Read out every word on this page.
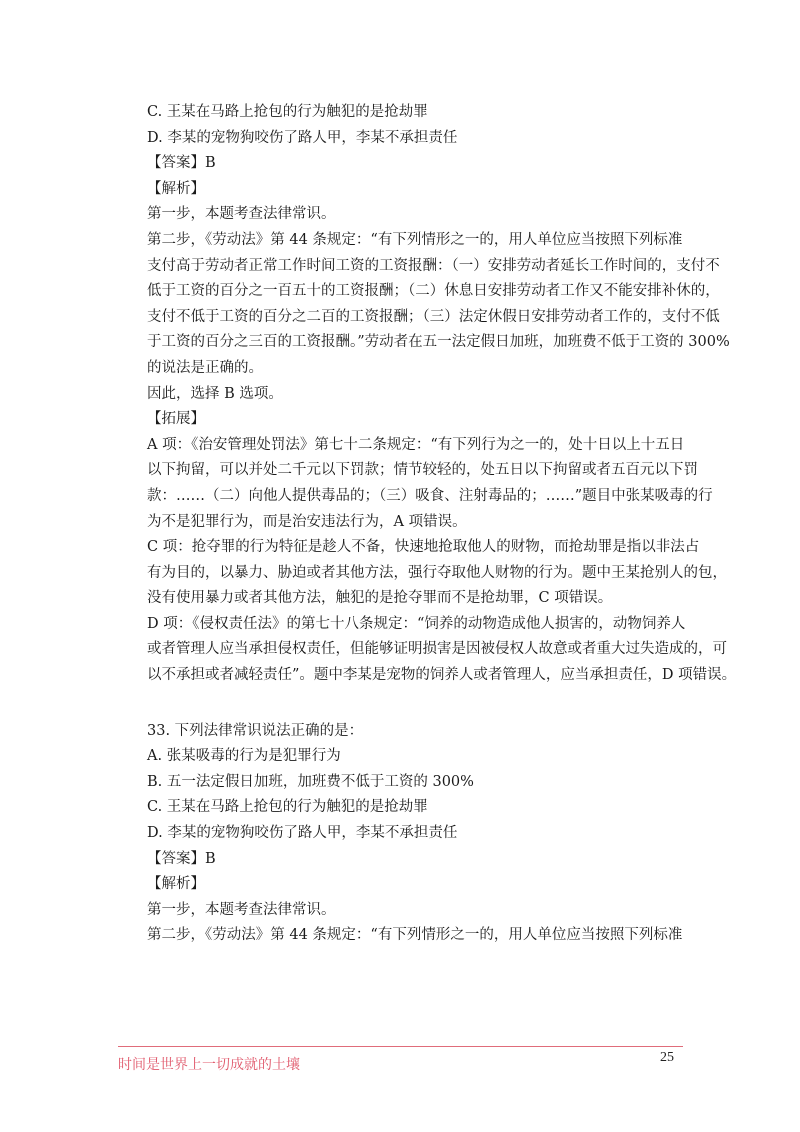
C. 王某在马路上抢包的行为触犯的是抢劫罪
D. 李某的宠物狗咬伤了路人甲，李某不承担责任
【答案】B
【解析】
第一步，本题考查法律常识。
第二步，《劳动法》第 44 条规定：“有下列情形之一的，用人单位应当按照下列标准
支付高于劳动者正常工作时间工资的工资报酬：（一）安排劳动者延长工作时间的，支付不
低于工资的百分之一百五十的工资报酬；（二）休息日安排劳动者工作又不能安排补休的，
支付不低于工资的百分之二百的工资报酬；（三）法定休假日安排劳动者工作的，支付不低
于工资的百分之三百的工资报酬。”劳动者在五一法定假日加班，加班费不低于工资的 300%
的说法是正确的。
因此，选择 B 选项。
【拓展】
A 项：《治安管理处罚法》第七十二条规定：“有下列行为之一的，处十日以上十五日
以下拘留，可以并处二千元以下罚款；情节较轻的，处五日以下拘留或者五百元以下罚
款：……（二）向他人提供毒品的；（三）吸食、注射毒品的；……”题目中张某吸毒的行
为不是犯罪行为，而是治安违法行为，A 项错误。
C 项：抢夺罪的行为特征是趁人不备，快速地抢取他人的财物，而抢劫罪是指以非法占
有为目的，以暴力、胁迫或者其他方法，强行夺取他人财物的行为。题中王某抢别人的包，
没有使用暴力或者其他方法，触犯的是抢夺罪而不是抢劫罪，C 项错误。
D 项：《侵权责任法》的第七十八条规定：“饲养的动物造成他人损害的，动物饲养人
或者管理人应当承担侵权责任，但能够证明损害是因被侵权人故意或者重大过失造成的，可
以不承担或者减轻责任”。题中李某是宠物的饲养人或者管理人，应当承担责任，D 项错误。
33. 下列法律常识说法正确的是：
A. 张某吸毒的行为是犯罪行为
B. 五一法定假日加班，加班费不低于工资的 300%
C. 王某在马路上抢包的行为触犯的是抢劫罪
D. 李某的宠物狗咬伤了路人甲，李某不承担责任
【答案】B
【解析】
第一步，本题考查法律常识。
第二步，《劳动法》第 44 条规定：“有下列情形之一的，用人单位应当按照下列标准
时间是世界上一切成就的土壤	25
